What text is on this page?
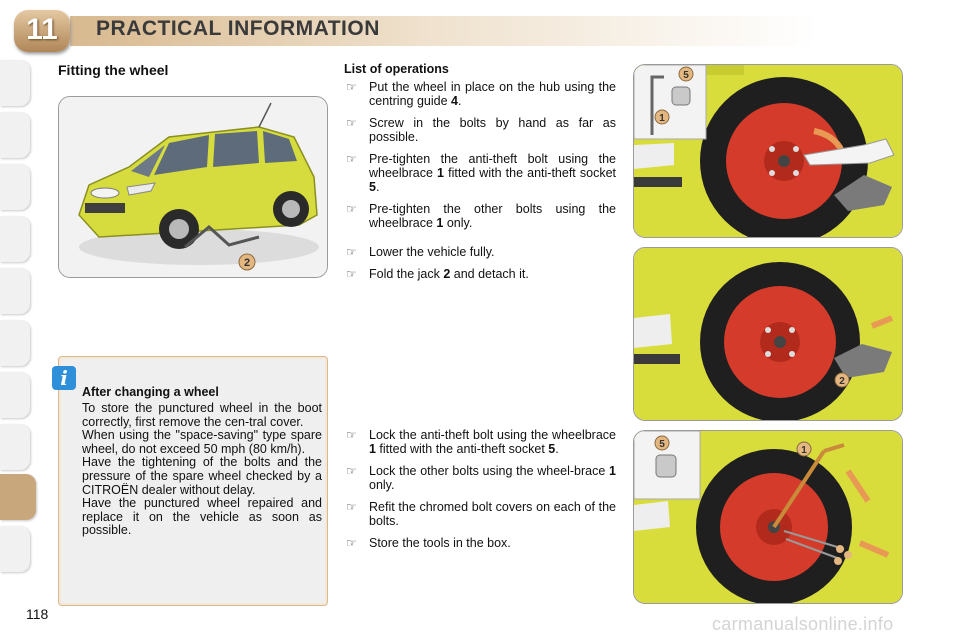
11	PRACTICAL INFORMATION
Fitting the wheel
2
i
After changing a wheel

To store the punctured wheel in the boot correctly, first remove the cen-tral cover.

When using the "space-saving" type spare wheel, do not exceed 50 mph (80 km/h).

Have the tightening of the bolts and the pressure of the spare wheel checked by a CITROËN dealer without delay.

Have the punctured wheel repaired and replace it on the vehicle as soon as possible.

List of operations
☞ Put the wheel in place on the hub using the centring guide 4.
☞ Screw in the bolts by hand as far as possible.
☞ Pre-tighten the anti-theft bolt using the wheelbrace 1 fitted with the anti-theft socket 5.
☞ Pre-tighten the other bolts using the wheelbrace 1 only.
☞ Lower the vehicle fully.
☞ Fold the jack 2 and detach it.
☞ Lock the anti-theft bolt using the wheelbrace 1 fitted with the anti-theft socket 5.
☞ Lock the other bolts using the wheel-brace 1 only.
☞ Refit the chromed bolt covers on each of the bolts.
☞ Store the tools in the box.
5
1
2
5
1
118	carmanualsonline.info
